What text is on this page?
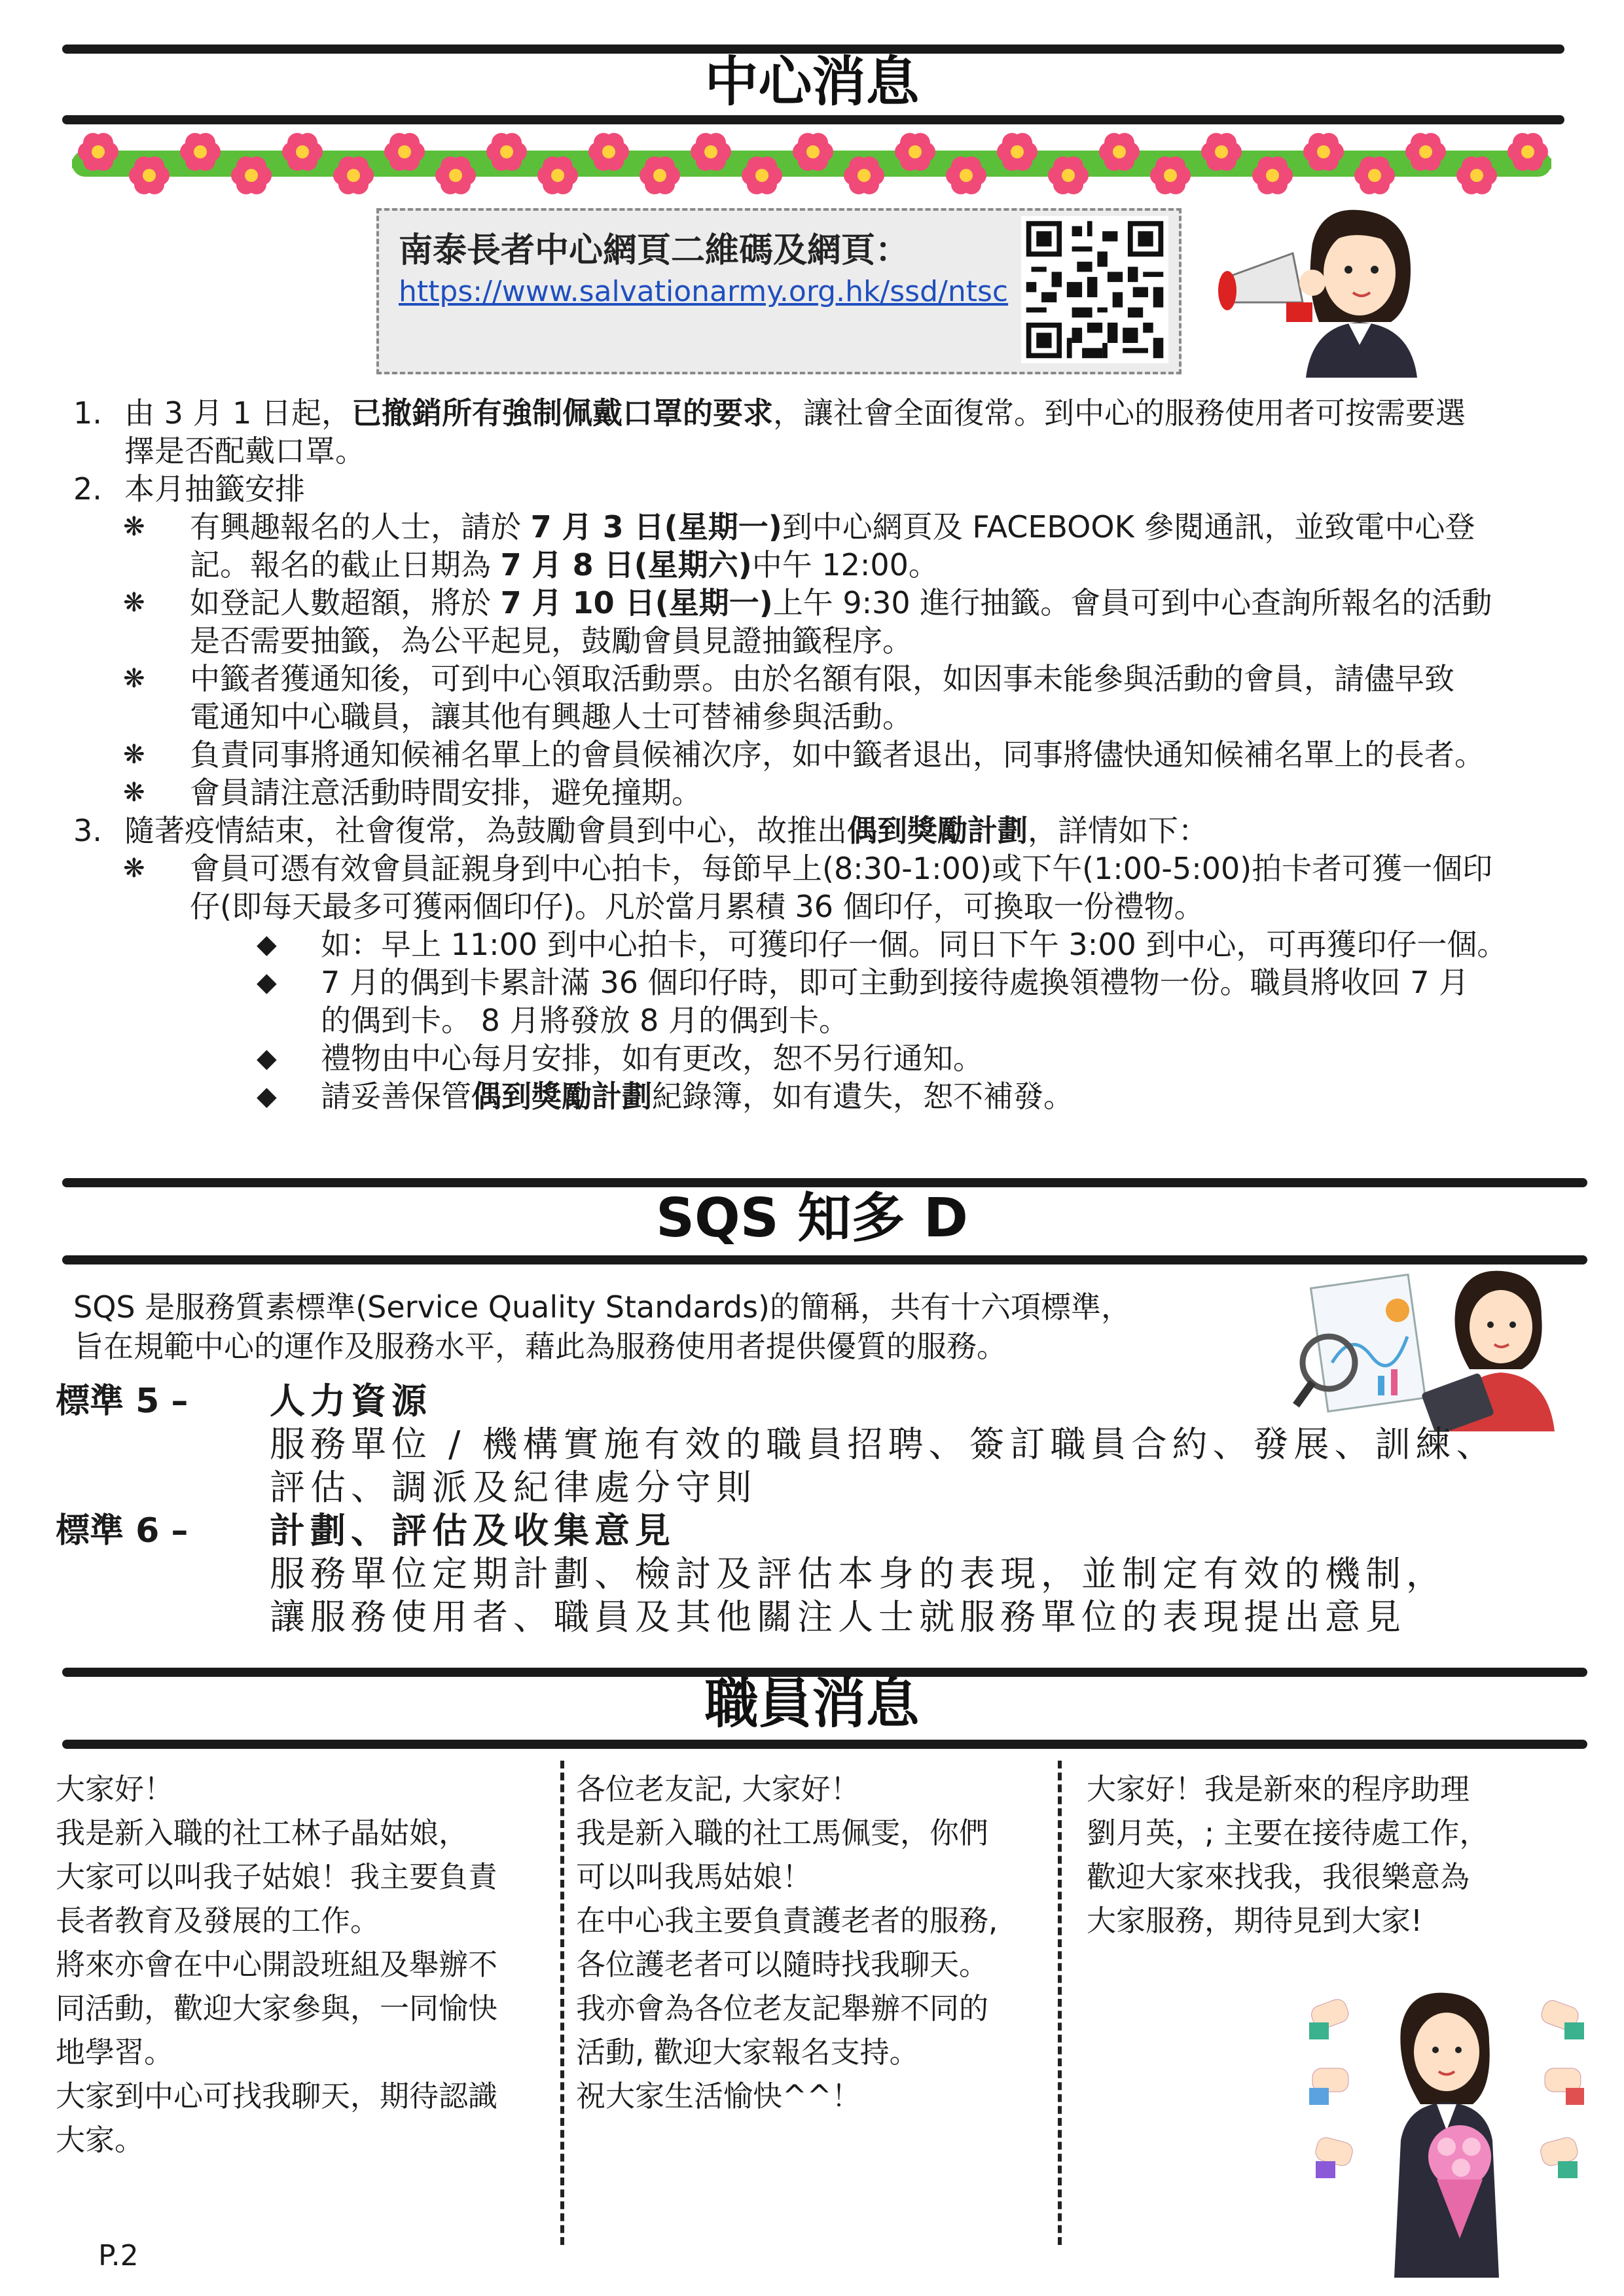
中心消息
南泰長者中心網頁二維碼及網頁：
https://www.salvationarmy.org.hk/ssd/ntsc
1. 由 3 月 1 日起，已撤銷所有強制佩戴口罩的要求，讓社會全面復常。到中心的服務使用者可按需要選
擇是否配戴口罩。
2. 本月抽籤安排
❋ 有興趣報名的人士，請於 7 月 3 日(星期一)到中心網頁及 FACEBOOK 參閱通訊，並致電中心登
記。報名的截止日期為 7 月 8 日(星期六)中午 12:00。
❋ 如登記人數超額，將於 7 月 10 日(星期一)上午 9:30 進行抽籤。會員可到中心查詢所報名的活動
是否需要抽籤，為公平起見，鼓勵會員見證抽籤程序。
❋ 中籤者獲通知後，可到中心領取活動票。由於名額有限，如因事未能參與活動的會員，請儘早致
電通知中心職員，讓其他有興趣人士可替補參與活動。
❋ 負責同事將通知候補名單上的會員候補次序，如中籤者退出，同事將儘快通知候補名單上的長者。
❋ 會員請注意活動時間安排，避免撞期。
3. 隨著疫情結束，社會復常，為鼓勵會員到中心，故推出偶到獎勵計劃，詳情如下：
❋ 會員可憑有效會員証親身到中心拍卡，每節早上(8:30-1:00)或下午(1:00-5:00)拍卡者可獲一個印
仔(即每天最多可獲兩個印仔)。凡於當月累積 36 個印仔，可換取一份禮物。
◆ 如：早上 11:00 到中心拍卡，可獲印仔一個。同日下午 3:00 到中心，可再獲印仔一個。
◆ 7 月的偶到卡累計滿 36 個印仔時，即可主動到接待處換領禮物一份。職員將收回 7 月
的偶到卡。 8 月將發放 8 月的偶到卡。
◆ 禮物由中心每月安排，如有更改，恕不另行通知。
◆ 請妥善保管偶到獎勵計劃紀錄簿，如有遺失，恕不補發。
SQS 知多 D
SQS 是服務質素標準(Service Quality Standards)的簡稱，共有十六項標準，
旨在規範中心的運作及服務水平，藉此為服務使用者提供優質的服務。
標準 5 – 人力資源
服務單位 / 機構實施有效的職員招聘、簽訂職員合約、發展、訓練、
評估、調派及紀律處分守則
標準 6 – 計劃、評估及收集意見
服務單位定期計劃、檢討及評估本身的表現，並制定有效的機制，
讓服務使用者、職員及其他關注人士就服務單位的表現提出意見
職員消息
大家好！
我是新入職的社工林子晶姑娘，
大家可以叫我子姑娘！我主要負責
長者教育及發展的工作。
將來亦會在中心開設班組及舉辦不
同活動，歡迎大家參與，一同愉快
地學習。
大家到中心可找我聊天，期待認識
大家。
各位老友記, 大家好！
我是新入職的社工馬佩雯，你們
可以叫我馬姑娘！
在中心我主要負責護老者的服務,
各位護老者可以隨時找我聊天。
我亦會為各位老友記舉辦不同的
活動, 歡迎大家報名支持。
祝大家生活愉快^^！
大家好！我是新來的程序助理
劉月英，; 主要在接待處工作，
歡迎大家來找我，我很樂意為
大家服務，期待見到大家!
P.2
